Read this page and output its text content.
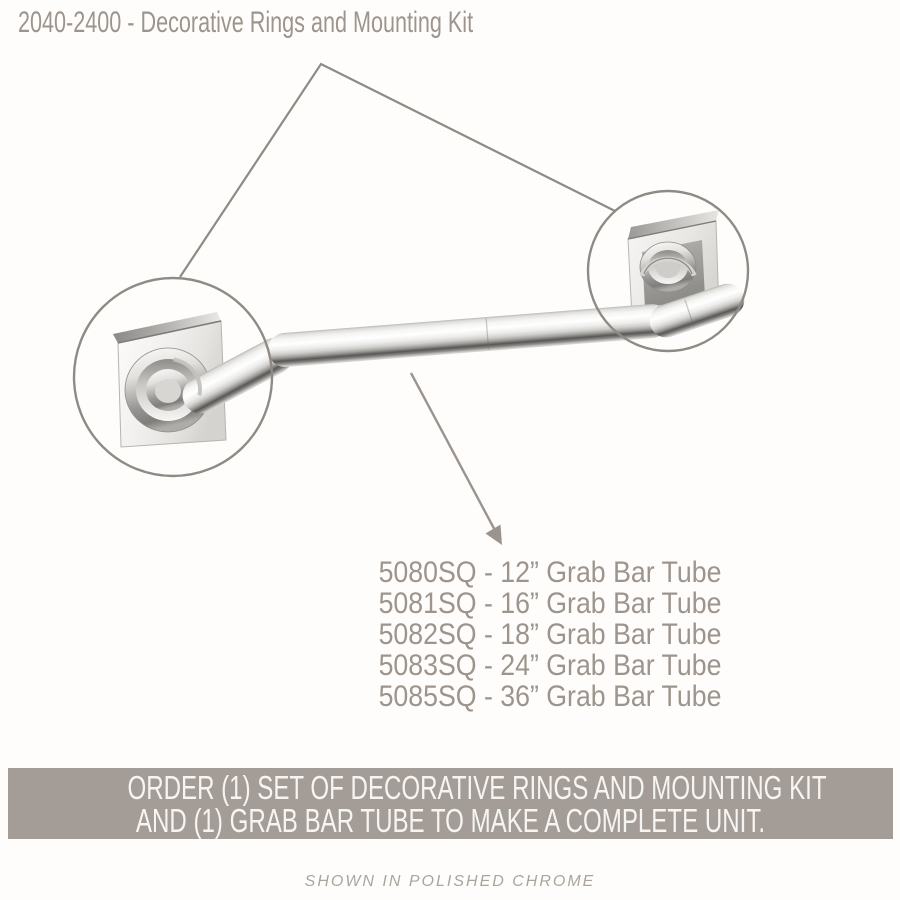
2040-2400 - Decorative Rings and Mounting Kit
5080SQ - 12” Grab Bar Tube
5081SQ - 16” Grab Bar Tube
5082SQ - 18” Grab Bar Tube
5083SQ - 24” Grab Bar Tube
5085SQ - 36” Grab Bar Tube
ORDER (1) SET OF DECORATIVE RINGS AND MOUNTING KIT
AND (1) GRAB BAR TUBE TO MAKE A COMPLETE UNIT.
SHOWN IN POLISHED CHROME
